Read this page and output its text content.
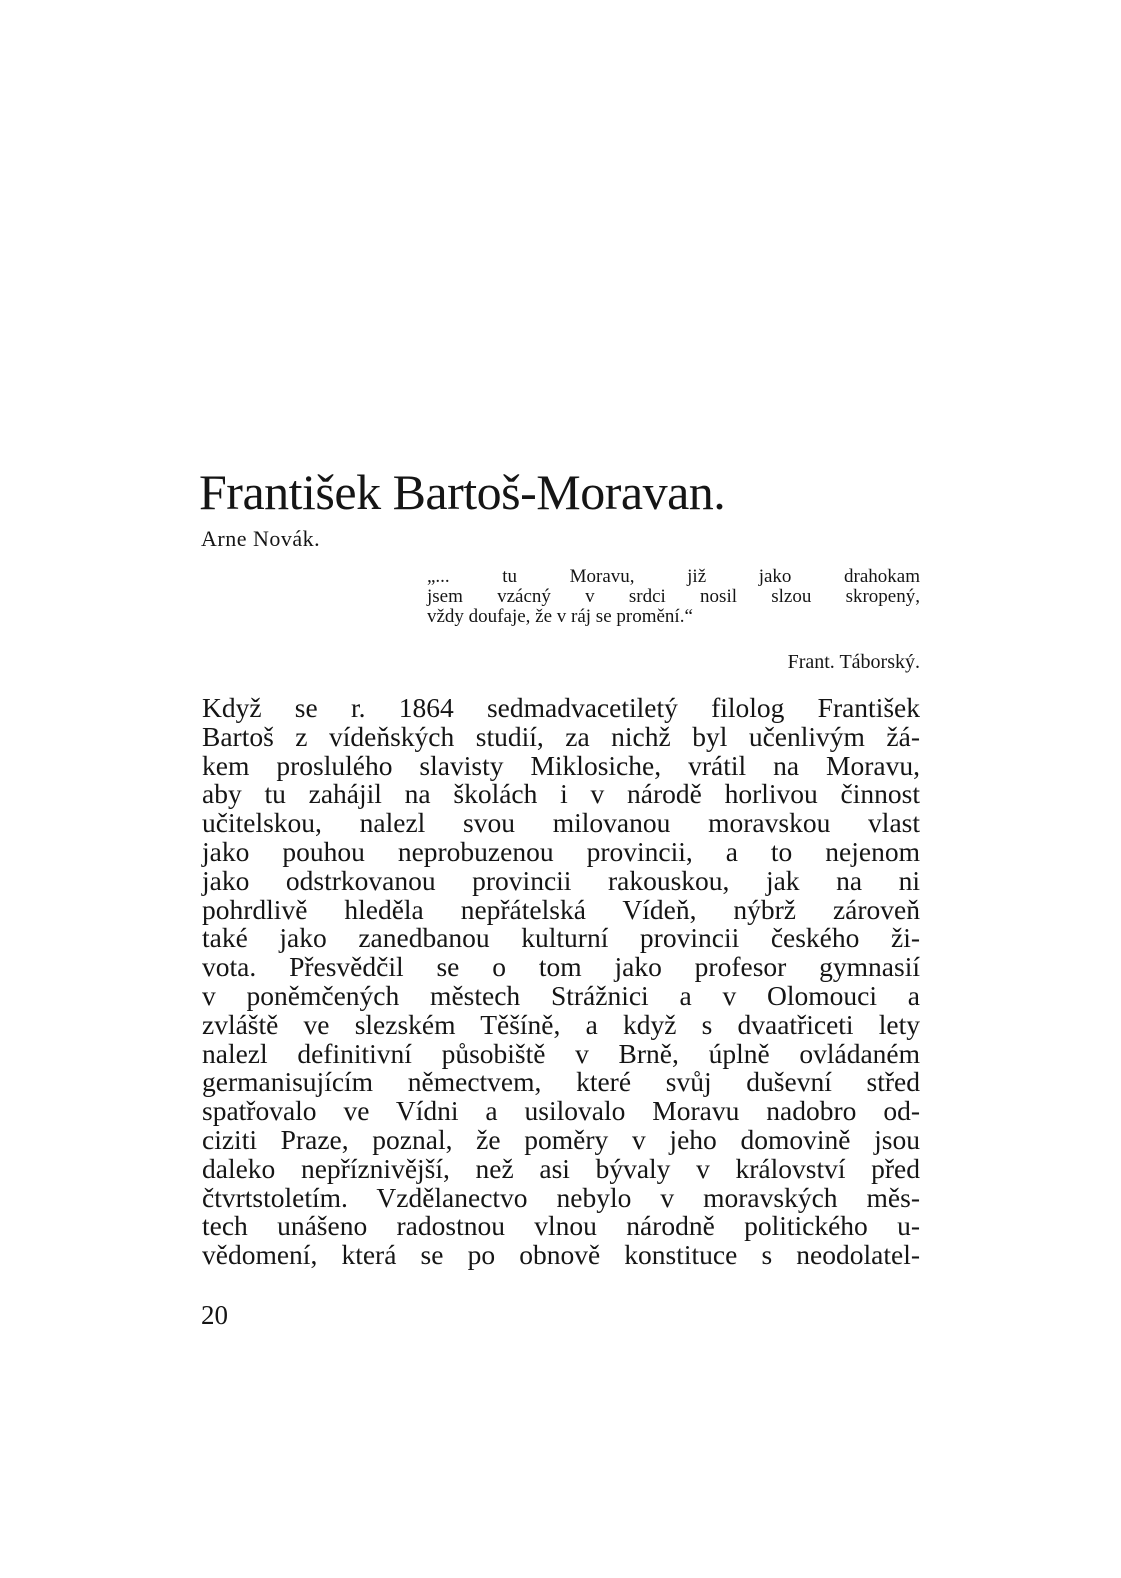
František Bartoš-Moravan.

Arne Novák.

„... tu Moravu, již jako drahokam
jsem vzácný v srdci nosil slzou skropený,
vždy doufaje, že v ráj se promění.“

Frant. Táborský.

Když se r. 1864 sedmadvacetiletý filolog František
Bartoš z vídeňských studií, za nichž byl učenlivým žá-
kem proslulého slavisty Miklosiche, vrátil na Moravu,
aby tu zahájil na školách i v národě horlivou činnost
učitelskou, nalezl svou milovanou moravskou vlast
jako pouhou neprobuzenou provincii, a to nejenom
jako odstrkovanou provincii rakouskou, jak na ni
pohrdlivě hleděla nepřátelská Vídeň, nýbrž zároveň
také jako zanedbanou kulturní provincii českého ži-
vota. Přesvědčil se o tom jako profesor gymnasií
v poněmčených městech Strážnici a v Olomouci a
zvláště ve slezském Těšíně, a když s dvaatřiceti lety
nalezl definitivní působiště v Brně, úplně ovládaném
germanisujícím němectvem, které svůj duševní střed
spatřovalo ve Vídni a usilovalo Moravu nadobro od-
ciziti Praze, poznal, že poměry v jeho domovině jsou
daleko nepříznivější, než asi bývaly v království před
čtvrtstoletím. Vzdělanectvo nebylo v moravských měs-
tech unášeno radostnou vlnou národně politického u-
vědomení, která se po obnově konstituce s neodolatel-

20
